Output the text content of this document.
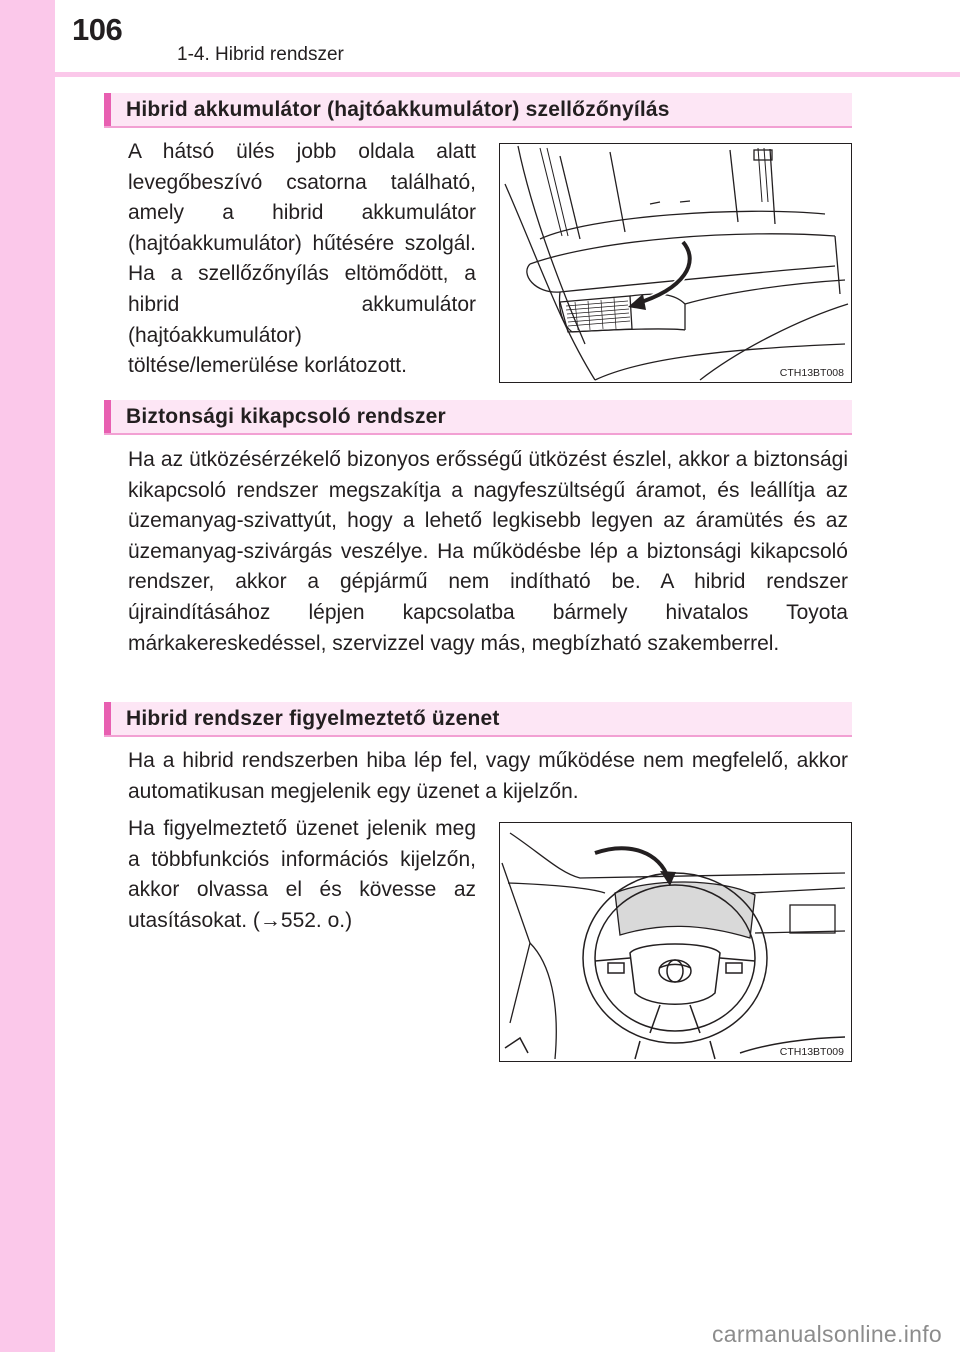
106
1-4. Hibrid rendszer
Hibrid akkumulátor (hajtóakkumulátor) szellőzőnyílás
A hátsó ülés jobb oldala alatt levegőbeszívó csatorna található, amely a hibrid akkumulátor (hajtóakkumulátor) hűtésére szolgál. Ha a szellőzőnyílás eltömődött, a hibrid akkumulátor (hajtóakkumulátor) töltése/lemerülése korlátozott.	CTH13BT008
Biztonsági kikapcsoló rendszer
Ha az ütközésérzékelő bizonyos erősségű ütközést észlel, akkor a biztonsági kikapcsoló rendszer megszakítja a nagyfeszültségű áramot, és leállítja az üzemanyag-szivattyút, hogy a lehető legkisebb legyen az áramütés és az üzemanyag-szivárgás veszélye. Ha működésbe lép a biztonsági kikapcsoló rendszer, akkor a gépjármű nem indítható be. A hibrid rendszer újraindításához lépjen kapcsolatba bármely hivatalos Toyota márkakereskedéssel, szervizzel vagy más, megbízható szakemberrel.
Hibrid rendszer figyelmeztető üzenet
Ha a hibrid rendszerben hiba lép fel, vagy működése nem megfelelő, akkor automatikusan megjelenik egy üzenet a kijelzőn.
Ha figyelmeztető üzenet jelenik meg a többfunkciós információs kijelzőn, akkor olvassa el és kövesse az utasításokat. (→552. o.)
CTH13BT009
carmanualsonline.info
